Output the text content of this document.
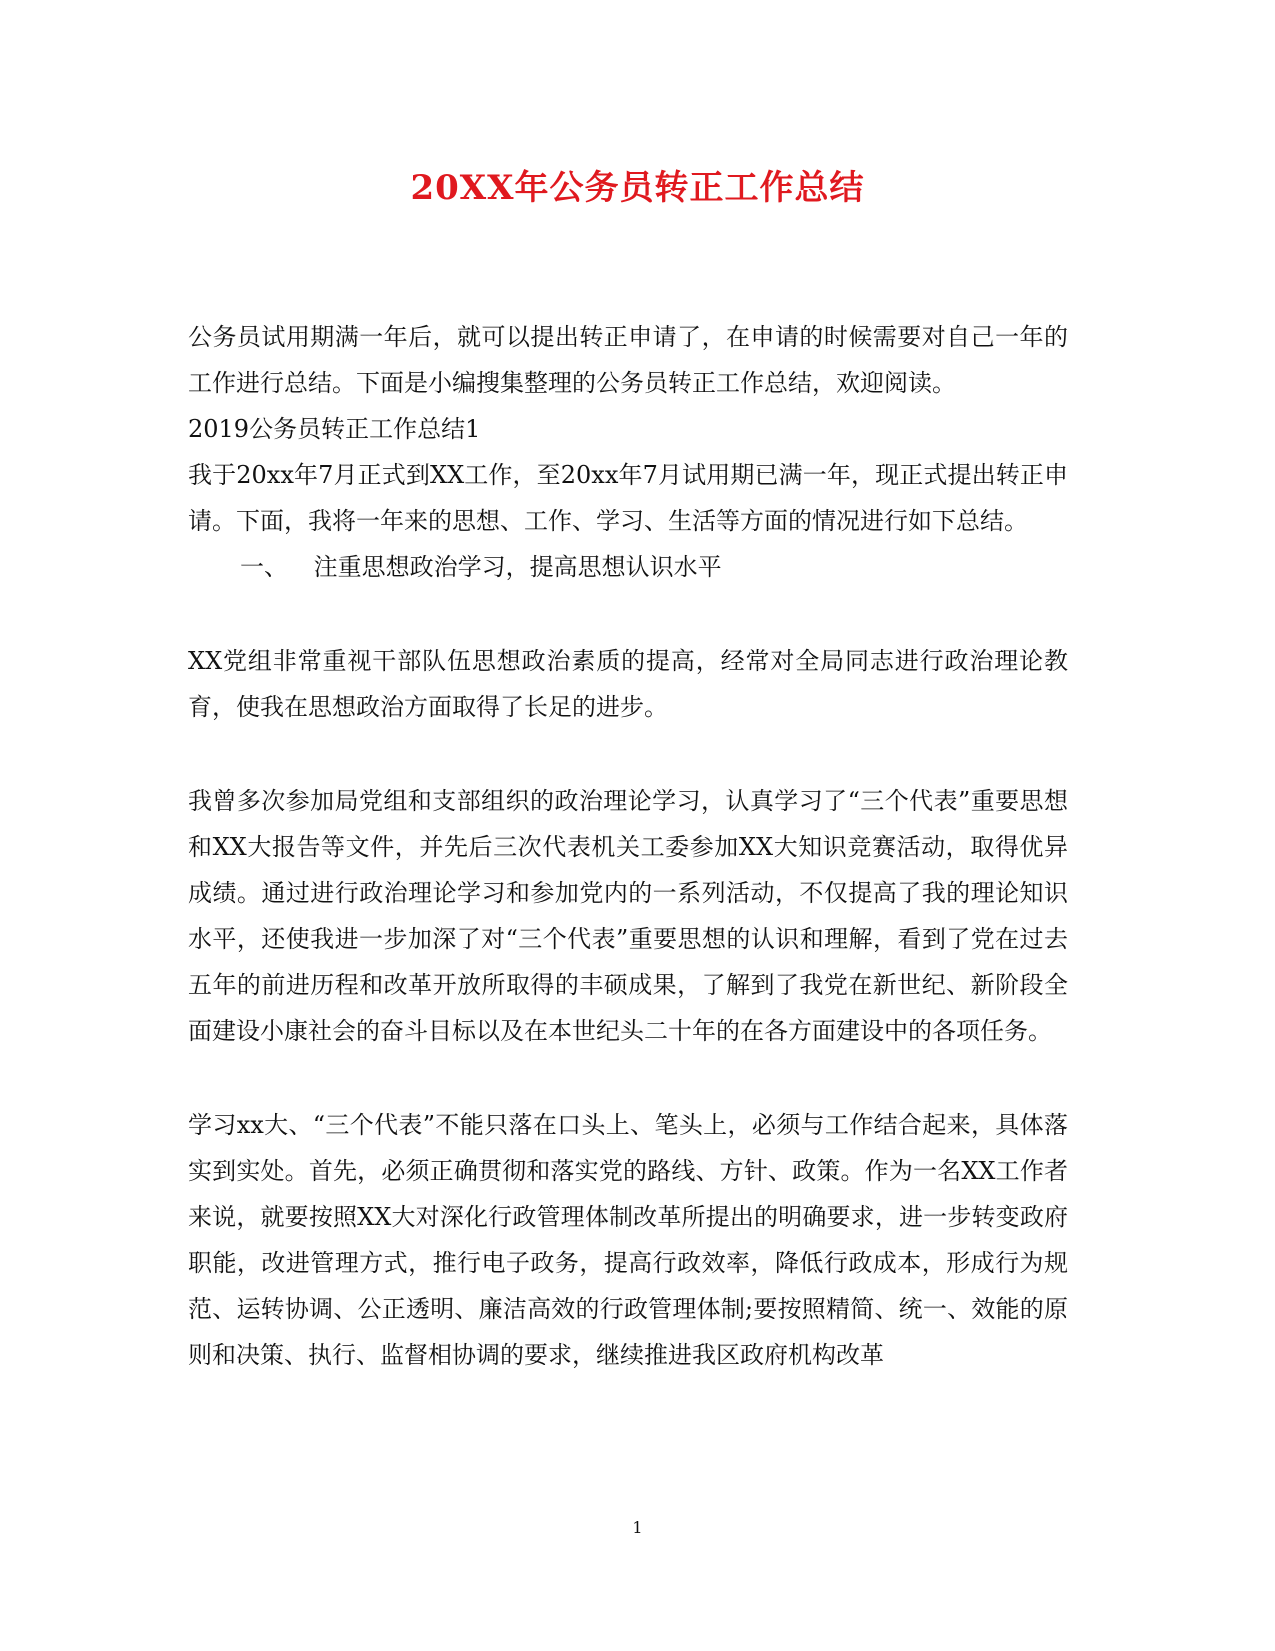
20XX年公务员转正工作总结

公务员试用期满一年后，就可以提出转正申请了，在申请的时候需要对自己一年的工作进行总结。下面是小编搜集整理的公务员转正工作总结，欢迎阅读。

2019公务员转正工作总结1

我于20xx年7月正式到XX工作，至20xx年7月试用期已满一年，现正式提出转正申请。下面，我将一年来的思想、工作、学习、生活等方面的情况进行如下总结。

一、 注重思想政治学习，提高思想认识水平

XX党组非常重视干部队伍思想政治素质的提高，经常对全局同志进行政治理论教育，使我在思想政治方面取得了长足的进步。

我曾多次参加局党组和支部组织的政治理论学习，认真学习了“三个代表”重要思想和XX大报告等文件，并先后三次代表机关工委参加XX大知识竞赛活动，取得优异成绩。通过进行政治理论学习和参加党内的一系列活动，不仅提高了我的理论知识水平，还使我进一步加深了对“三个代表”重要思想的认识和理解，看到了党在过去五年的前进历程和改革开放所取得的丰硕成果，了解到了我党在新世纪、新阶段全面建设小康社会的奋斗目标以及在本世纪头二十年的在各方面建设中的各项任务。

学习xx大、“三个代表”不能只落在口头上、笔头上，必须与工作结合起来，具体落实到实处。首先，必须正确贯彻和落实党的路线、方针、政策。作为一名XX工作者来说，就要按照XX大对深化行政管理体制改革所提出的明确要求，进一步转变政府职能，改进管理方式，推行电子政务，提高行政效率，降低行政成本，形成行为规范、运转协调、公正透明、廉洁高效的行政管理体制;要按照精简、统一、效能的原则和决策、执行、监督相协调的要求，继续推进我区政府机构改革

1
